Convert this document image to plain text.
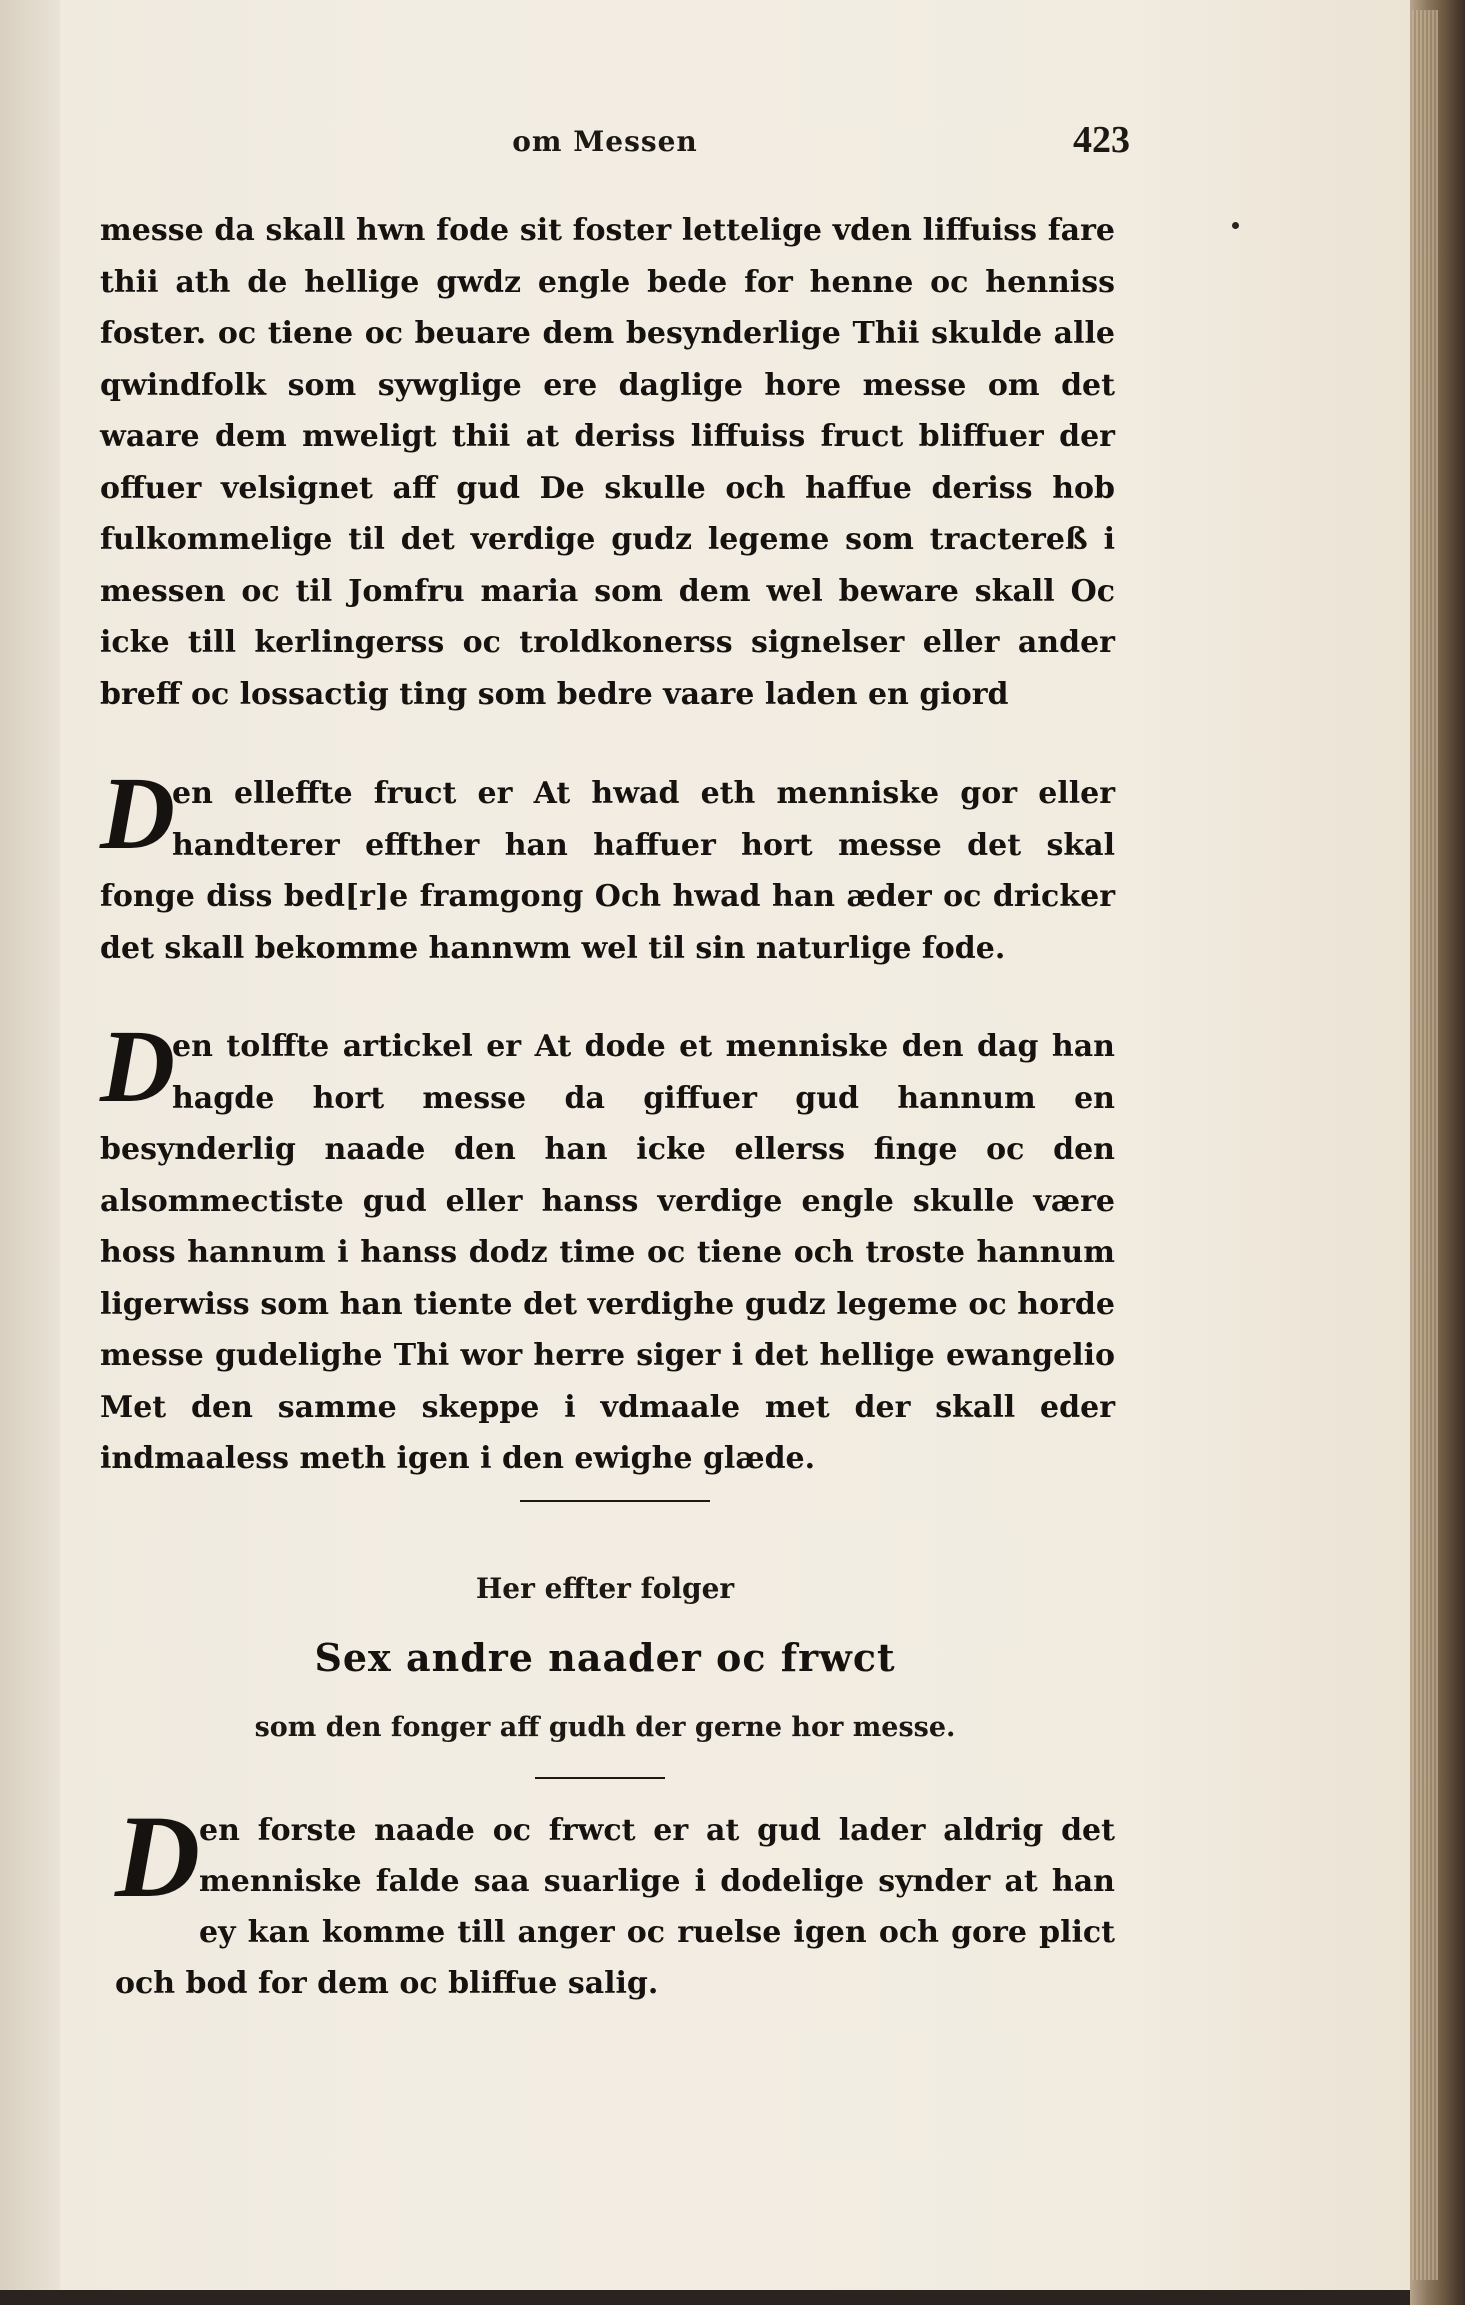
om Messen	423

messe da skall hwn fode sit foster lettelige vden liffuiss fare thii ath de hellige gwdz engle bede for henne oc henniss foster. oc tiene oc beuare dem besynderlige Thii skulde alle qwindfolk som sywglige ere daglige hore messe om det waare dem mweligt thii at deriss liffuiss fruct bliffuer der offuer velsignet aff gud De skulle och haffue deriss hob fulkommelige til det verdige gudz legeme som tractereß i messen oc til Jomfru maria som dem wel beware skall Oc icke till kerlingerss oc troldkonerss signelser eller ander breff oc lossactig ting som bedre vaare laden en giord

D
en elleffte fruct er At hwad eth menniske gor eller handterer effther han haffuer hort messe det skal fonge diss bed[r]e framgong Och hwad han æder oc dricker det skall bekomme hannwm wel til sin naturlige fode.

D
en tolffte artickel er At dode et menniske den dag han hagde hort messe da giffuer gud hannum en besynderlig naade den han icke ellerss finge oc den alsommectiste gud eller hanss verdige engle skulle være hoss hannum i hanss dodz time oc tiene och troste hannum ligerwiss som han tiente det verdighe gudz legeme oc horde messe gudelighe Thi wor herre siger i det hellige ewangelio Met den samme skeppe i vdmaale met der skall eder indmaaless meth igen i den ewighe glæde.

Her effter folger
Sex andre naader oc frwct
som den fonger aff gudh der gerne hor messe.

D
en forste naade oc frwct er at gud lader aldrig det menniske falde saa suarlige i dodelige synder at han ey kan komme till anger oc ruelse igen och gore plict och bod for dem oc bliffue salig.
